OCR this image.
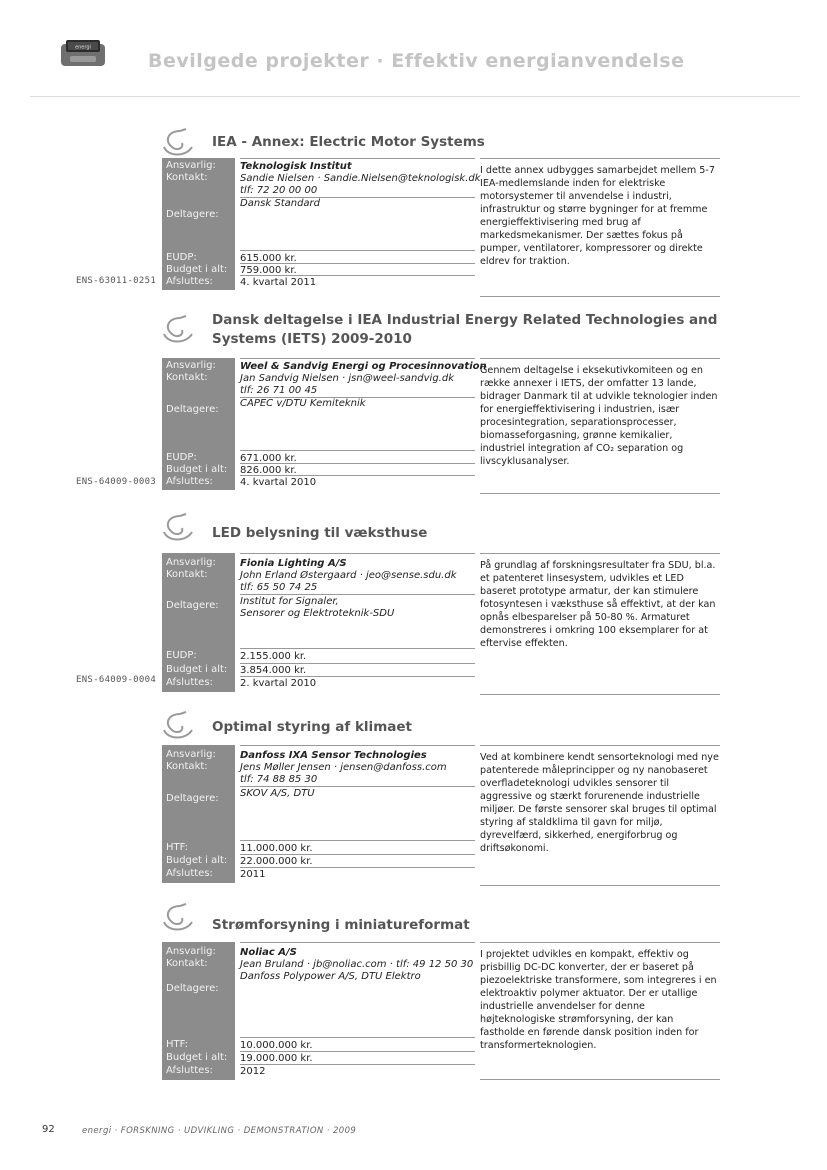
energi
Bevilgede projekter · Effektiv energianvendelse
IEA - Annex: Electric Motor Systems
Ansvarlig:
Kontakt:
Deltagere:
EUDP:
Budget i alt:
Afsluttes:
Teknologisk Institut
Sandie Nielsen · Sandie.Nielsen@teknologisk.dk
tlf: 72 20 00 00
Dansk Standard
615.000 kr.
759.000 kr.
4. kvartal 2011
I dette annex udbygges samarbejdet mellem 5-7 IEA-medlemslande inden for elektriske motorsystemer til anvendelse i industri, infrastruktur og større bygninger for at fremme energieffektivisering med brug af markedsmekanismer. Der sættes fokus på pumper, ventilatorer, kompressorer og direkte eldrev for traktion.
ENS-63011-0251
Dansk deltagelse i IEA Industrial Energy Related Technologies and Systems (IETS) 2009-2010
Ansvarlig:
Kontakt:
Deltagere:
EUDP:
Budget i alt:
Afsluttes:
Weel & Sandvig Energi og Procesinnovation
Jan Sandvig Nielsen · jsn@weel-sandvig.dk
tlf: 26 71 00 45
CAPEC v/DTU Kemiteknik
671.000 kr.
826.000 kr.
4. kvartal 2010
Gennem deltagelse i eksekutivkomiteen og en række annexer i IETS, der omfatter 13 lande, bidrager Danmark til at udvikle teknologier inden for energieffektivisering i industrien, især procesintegration, separationsprocesser, biomasseforgasning, grønne kemikalier, industriel integration af CO₂ separation og livscyklusanalyser.
ENS-64009-0003
LED belysning til væksthuse
Ansvarlig:
Kontakt:
Deltagere:
EUDP:
Budget i alt:
Afsluttes:
Fionia Lighting A/S
John Erland Østergaard · jeo@sense.sdu.dk
tlf: 65 50 74 25
Institut for Signaler,
Sensorer og Elektroteknik-SDU
2.155.000 kr.
3.854.000 kr.
2. kvartal 2010
På grundlag af forskningsresultater fra SDU, bl.a. et patenteret linsesystem, udvikles et LED baseret prototype armatur, der kan stimulere fotosyntesen i væksthuse så effektivt, at der kan opnås elbesparelser på 50-80 %. Armaturet demonstreres i omkring 100 eksemplarer for at eftervise effekten.
ENS-64009-0004
Optimal styring af klimaet
Ansvarlig:
Kontakt:
Deltagere:
HTF:
Budget i alt:
Afsluttes:
Danfoss IXA Sensor Technologies
Jens Møller Jensen · jensen@danfoss.com
tlf: 74 88 85 30
SKOV A/S, DTU
11.000.000 kr.
22.000.000 kr.
2011
Ved at kombinere kendt sensorteknologi med nye patenterede måleprincipper og ny nanobaseret overfladeteknologi udvikles sensorer til aggressive og stærkt forurenende industrielle miljøer. De første sensorer skal bruges til optimal styring af staldklima til gavn for miljø, dyrevelfærd, sikkerhed, energiforbrug og driftsøkonomi.
Strømforsyning i miniatureformat
Ansvarlig:
Kontakt:
Deltagere:
HTF:
Budget i alt:
Afsluttes:
Noliac A/S
Jean Bruland · jb@noliac.com · tlf: 49 12 50 30
Danfoss Polypower A/S, DTU Elektro
10.000.000 kr.
19.000.000 kr.
2012
I projektet udvikles en kompakt, effektiv og prisbillig DC-DC konverter, der er baseret på piezoelektriske transformere, som integreres i en elektroaktiv polymer aktuator. Der er utallige industrielle anvendelser for denne højteknologiske strømforsyning, der kan fastholde en førende dansk position inden for transformerteknologien.
92	energi · FORSKNING · UDVIKLING · DEMONSTRATION · 2009
